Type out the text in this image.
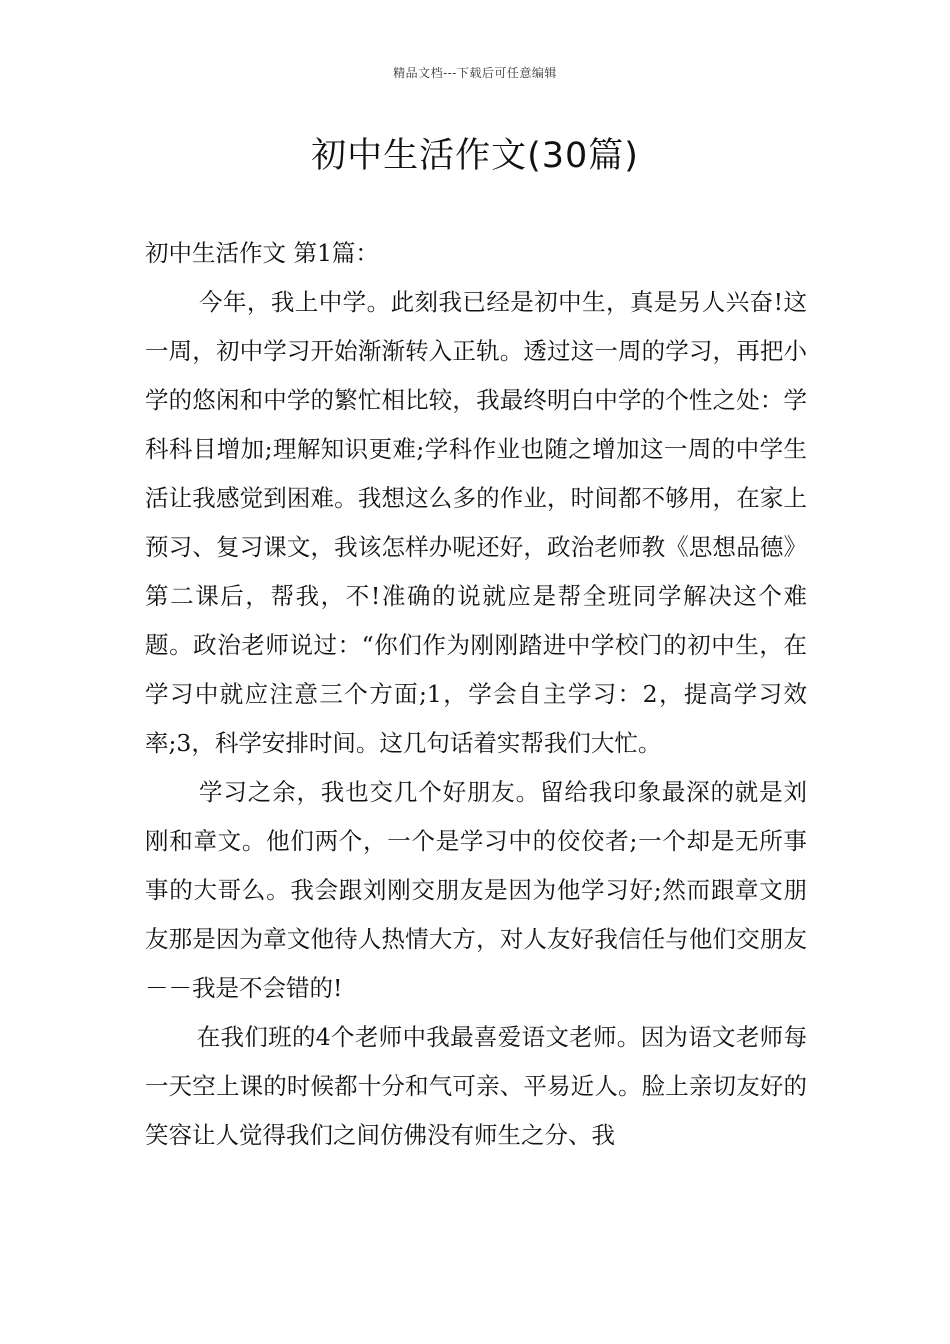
精品文档---下载后可任意编辑
初中生活作文(30篇)

初中生活作文 第1篇：

今年，我上中学。此刻我已经是初中生，真是另人兴奋!这一周，初中学习开始渐渐转入正轨。透过这一周的学习，再把小学的悠闲和中学的繁忙相比较，我最终明白中学的个性之处：学科科目增加;理解知识更难;学科作业也随之增加这一周的中学生活让我感觉到困难。我想这么多的作业，时间都不够用，在家上预习、复习课文，我该怎样办呢还好，政治老师教《思想品德》第二课后，帮我，不!准确的说就应是帮全班同学解决这个难题。政治老师说过：“你们作为刚刚踏进中学校门的初中生，在学习中就应注意三个方面;1，学会自主学习：2，提高学习效率;3，科学安排时间。这几句话着实帮我们大忙。

学习之余，我也交几个好朋友。留给我印象最深的就是刘刚和章文。他们两个，一个是学习中的佼佼者;一个却是无所事事的大哥么。我会跟刘刚交朋友是因为他学习好;然而跟章文朋友那是因为章文他待人热情大方，对人友好我信任与他们交朋友－－我是不会错的!

在我们班的4个老师中我最喜爱语文老师。因为语文老师每一天空上课的时候都十分和气可亲、平易近人。脸上亲切友好的笑容让人觉得我们之间仿佛没有师生之分、我
